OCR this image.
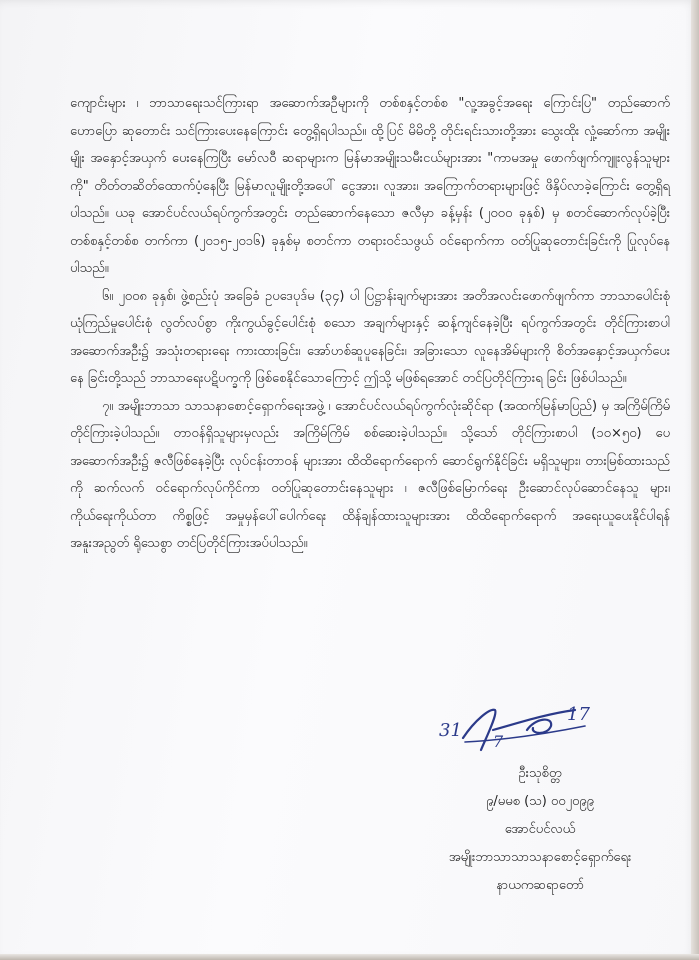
ကျောင်းများ ၊ ဘာသာရေးသင်ကြားရာ အဆောက်အဦများကို တစ်စနှင့်တစ်စ "လူ့အခွင့်အရေး ကြောင်းပြ" တည်ဆောက်ဟောပြော ဆုတောင်း သင်ကြားပေးနေကြောင်း တွေ့ရှိရပါသည်။ ထို့ပြင် မိမိတို့ တိုင်းရင်းသားတို့အား သွေးထိုး လှုံ့ဆော်ကာ အမျိုးမျိုး အနှောင့်အယှက် ပေးနေကြပြီး မော်လဝီ ဆရာများက မြန်မာအမျိုးသမီးငယ်များအား "ကာမအမှု ဖောက်ဖျက်ကျူးလွန်သူများကို" တိတ်တဆိတ်ထောက်ပံ့နေပြီး မြန်မာလူမျိုးတို့အပေါ် ငွေအား၊ လူအား၊ အကြောက်တရားများဖြင့် ဖိနှိပ်လာခဲ့ကြောင်း တွေ့ရှိရပါသည်။ ယခု အောင်ပင်လယ်ရပ်ကွက်အတွင်း တည်ဆောက်နေသော ဇလီမှာ ခန့်မှန်း (၂၀၀၀ ခုနှစ်) မှ စတင်ဆောက်လုပ်ခဲ့ပြီး တစ်စနှင့်တစ်စ တက်ကာ (၂၀၁၅-၂၀၁၆) ခုနှစ်မှ စတင်ကာ တရားဝင်သဖွယ် ဝင်ရောက်ကာ ဝတ်ပြုဆုတောင်းခြင်းကို ပြုလုပ်နေပါသည်။

၆။ ၂၀၀၈ ခုနှစ်၊ ဖွဲ့စည်းပုံ အခြေခံ ဥပဒေပုဒ်မ (၃၄) ပါ ပြဋ္ဌာန်းချက်များအား အတိအလင်းဖောက်ဖျက်ကာ ဘာသာပေါင်းစုံ ယုံကြည်မှုပေါင်းစုံ လွတ်လပ်စွာ ကိုးကွယ်ခွင့်ပေါင်းစုံ စသော အချက်များနှင့် ဆန့်ကျင်နေခဲ့ပြီး ရပ်ကွက်အတွင်း တိုင်ကြားစာပါ အဆောက်အဦး၌ အသုံးတရားရေး ကားထားခြင်း၊ အော်ဟစ်ဆူပူနေခြင်း၊ အခြားသော လူနေအိမ်များကို စိတ်အနှောင့်အယှက်ပေးနေ ခြင်းတို့သည် ဘာသာရေးပဋိပက္ခကို ဖြစ်စေနိုင်သောကြောင့် ဤသို့ မဖြစ်ရအောင် တင်ပြတိုင်ကြားရ ခြင်း ဖြစ်ပါသည်။

၇။ အမျိုးဘာသာ သာသနာစောင့်ရှောက်ရေးအဖွဲ့ ၊ အောင်ပင်လယ်ရပ်ကွက်လုံးဆိုင်ရာ (အထက်မြန်မာပြည်) မှ အကြိမ်ကြိမ် တိုင်ကြားခဲ့ပါသည်။ တာဝန်ရှိသူများမှလည်း အကြိမ်ကြိမ် စစ်ဆေးခဲ့ပါသည်။ သို့သော် တိုင်ကြားစာပါ (၁၀×၅၀) ပေ အဆောက်အဦး၌ ဇလီဖြစ်နေခဲ့ပြီး လုပ်ငန်းတာဝန် များအား ထိထိရောက်ရောက် ဆောင်ရွက်နိုင်ခြင်း မရှိသူများ၊ တားမြစ်ထားသည်ကို ဆက်လက် ဝင်ရောက်လုပ်ကိုင်ကာ ဝတ်ပြုဆုတောင်းနေသူများ ၊ ဇလီဖြစ်မြောက်ရေး ဦးဆောင်လုပ်ဆောင်နေသူ များ၊ ကိုယ်ရေးကိုယ်တာ ကိစ္စဖြင့် အမှုမှန်ပေါ်ပေါက်ရေး ထိန်ချန်ထားသူများအား ထိထိရောက်ရောက် အရေးယူပေးနိုင်ပါရန် အနူးအညွတ် ရိုသေစွာ တင်ပြတိုင်ကြားအပ်ပါသည်။

31
7
17
ဦးသုစိတ္တ
၉/မမစ (သ) ၀၀၂၀၉၉
အောင်ပင်လယ်
အမျိုးဘာသာသာသနာစောင့်ရှောက်ရေး
နာယကဆရာတော်
